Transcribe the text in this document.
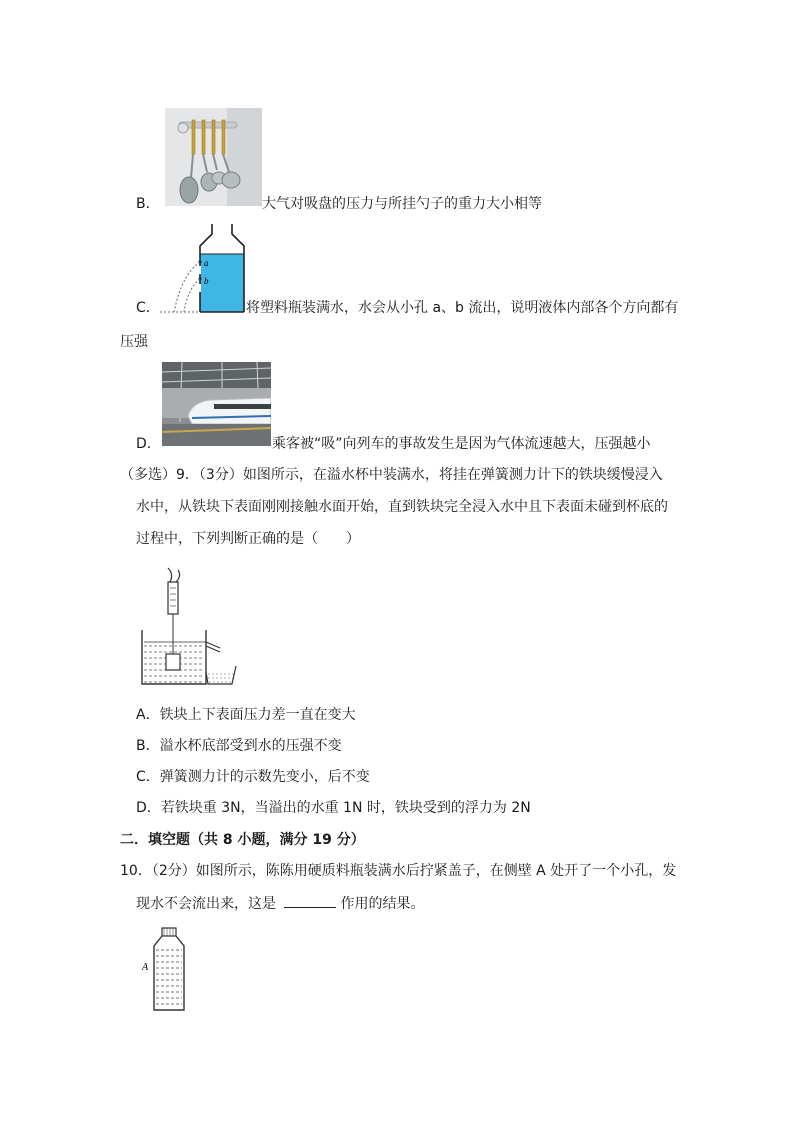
B．	大气对吸盘的压力与所挂勺子的重力大小相等
a
b
C．	将塑料瓶装满水，水会从小孔 a、b 流出，说明液体内部各个方向都有
压强
D．	乘客被“吸”向列车的事故发生是因为气体流速越大，压强越小
（多选）9．（3分）如图所示，在溢水杯中装满水，将挂在弹簧测力计下的铁块缓慢浸入
水中，从铁块下表面刚刚接触水面开始，直到铁块完全浸入水中且下表面未碰到杯底的
过程中，下列判断正确的是（　　）
A．铁块上下表面压力差一直在变大
B．溢水杯底部受到水的压强不变
C．弹簧测力计的示数先变小，后不变
D．若铁块重 3N，当溢出的水重 1N 时，铁块受到的浮力为 2N
二．填空题（共 8 小题，满分 19 分）
10．（2分）如图所示，陈陈用硬质料瓶装满水后拧紧盖子，在侧壁 A 处开了一个小孔，发
现水不会流出来，这是	作用的结果。
A
